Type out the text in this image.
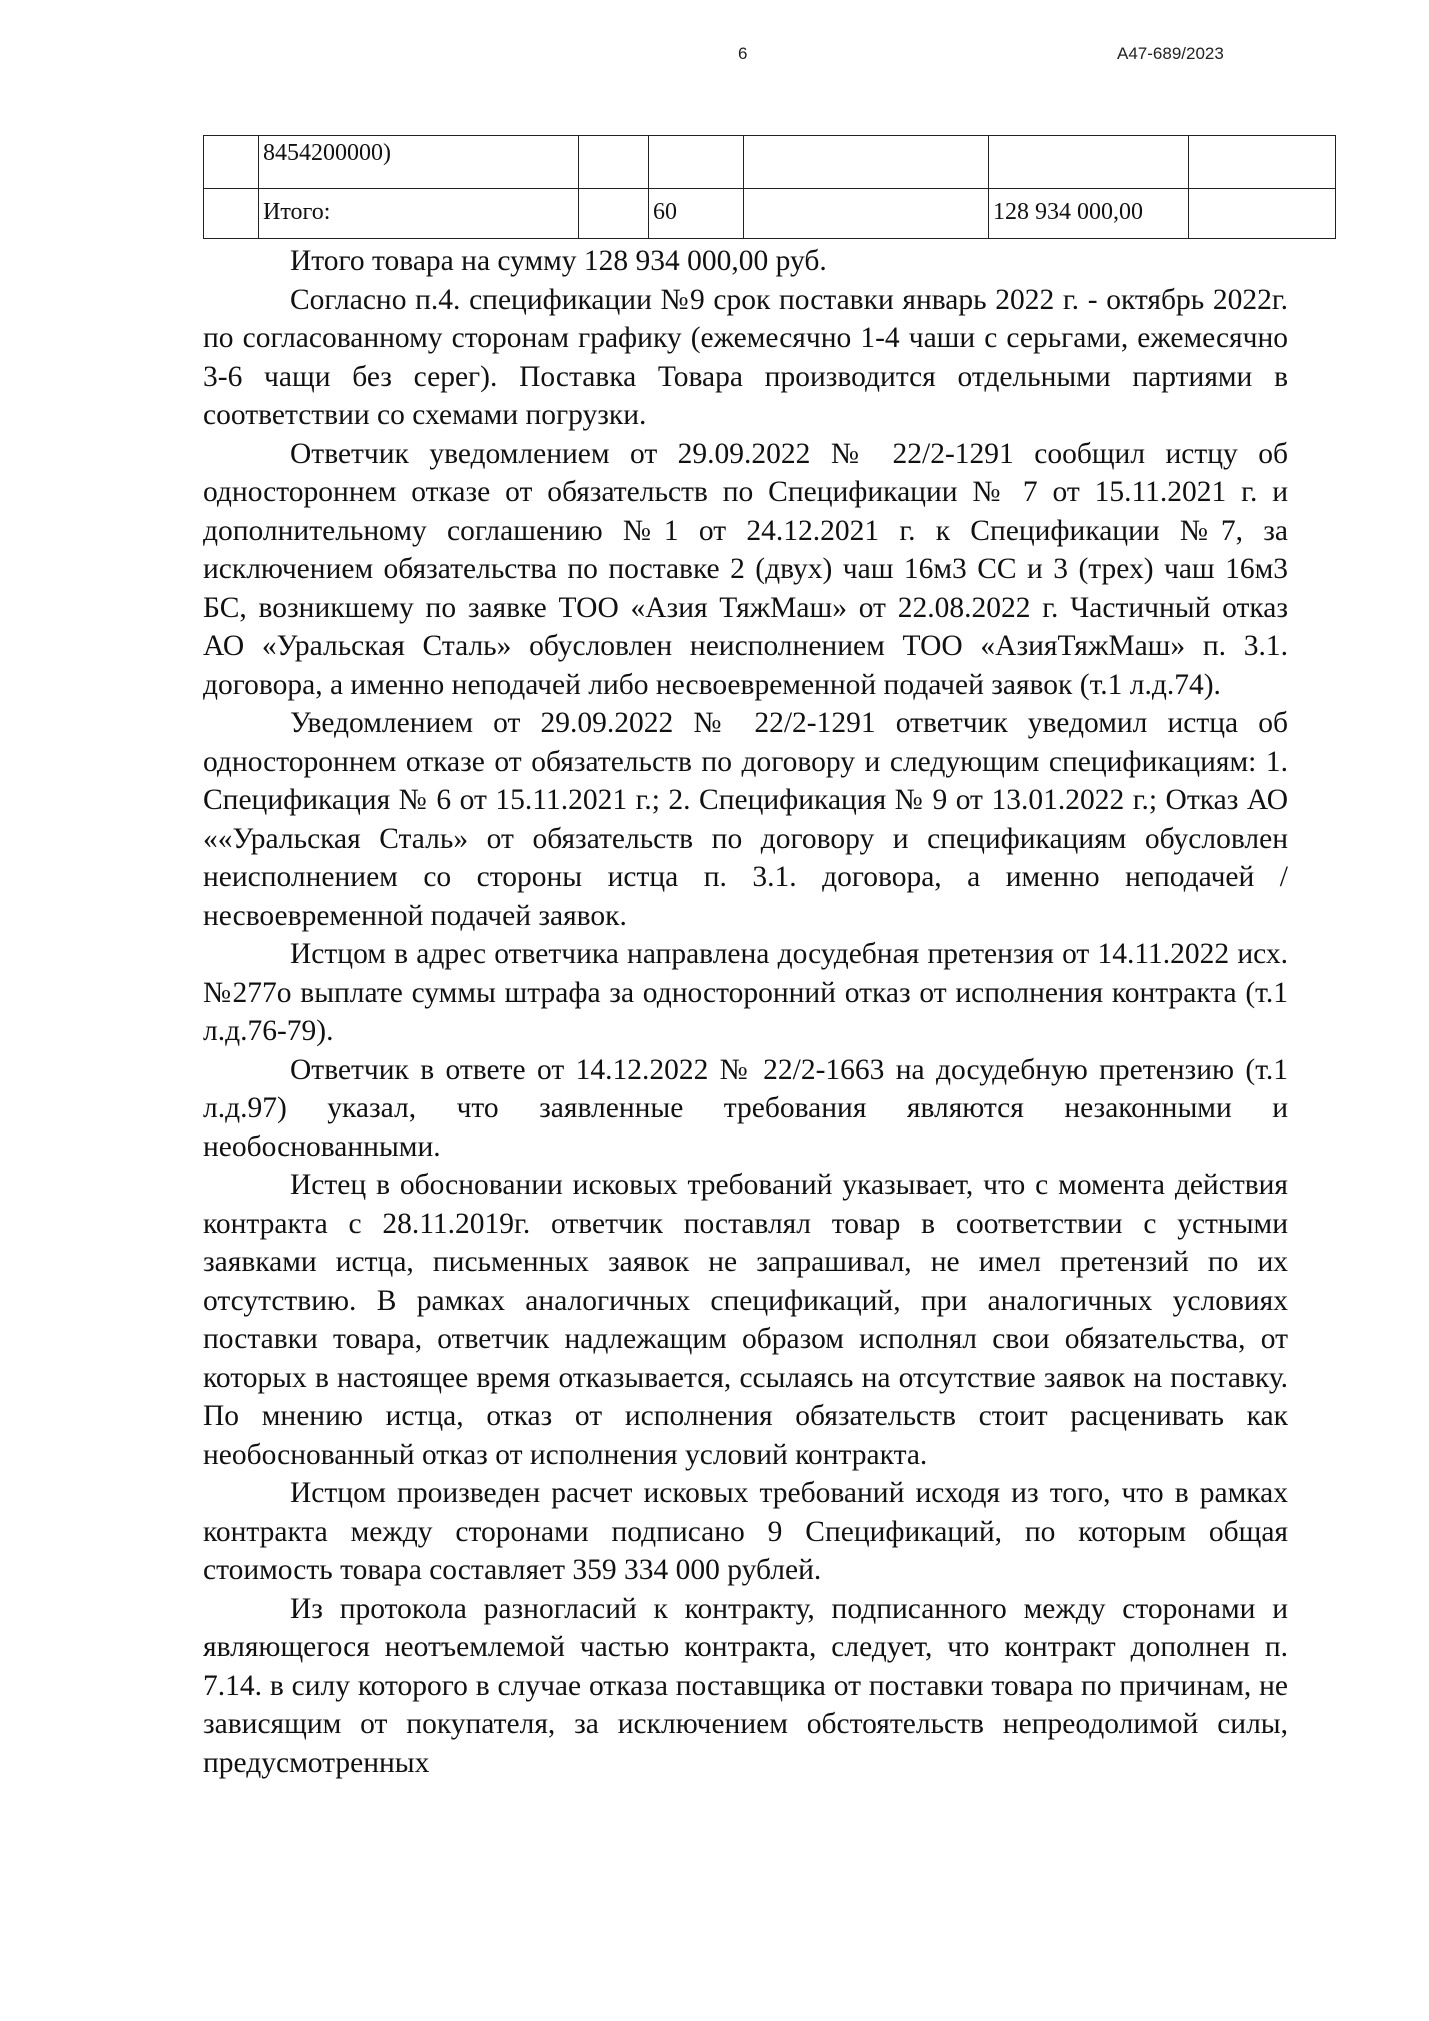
6	А47-689/2023
	8454200000)					
	Итого:		60		128 934 000,00	

Итого товара на сумму 128 934 000,00 руб.

Согласно п.4. спецификации №9 срок поставки январь 2022 г. - октябрь 2022г. по согласованному сторонам графику (ежемесячно 1-4 чаши с серьгами, ежемесячно 3-6 чащи без серег). Поставка Товара производится отдельными партиями в соответствии со схемами погрузки.

Ответчик уведомлением от 29.09.2022 № 22/2-1291 сообщил истцу об одностороннем отказе от обязательств по Спецификации № 7 от 15.11.2021 г. и дополнительному соглашению №1 от 24.12.2021 г. к Спецификации №7, за исключением обязательства по поставке 2 (двух) чаш 16м3 СС и 3 (трех) чаш 16м3 БС, возникшему по заявке ТОО «Азия ТяжМаш» от 22.08.2022 г. Частичный отказ АО «Уральская Сталь» обусловлен неисполнением ТОО «АзияТяжМаш» п. 3.1. договора, а именно неподачей либо несвоевременной подачей заявок (т.1 л.д.74).

Уведомлением от 29.09.2022 № 22/2-1291 ответчик уведомил истца об одностороннем отказе от обязательств по договору и следующим спецификациям: 1. Спецификация № 6 от 15.11.2021 г.; 2. Спецификация № 9 от 13.01.2022 г.; Отказ АО ««Уральская Сталь» от обязательств по договору и спецификациям обусловлен неисполнением со стороны истца п. 3.1. договора, а именно неподачей /несвоевременной подачей заявок.

Истцом в адрес ответчика направлена досудебная претензия от 14.11.2022 исх. №277о выплате суммы штрафа за односторонний отказ от исполнения контракта (т.1 л.д.76-79).

Ответчик в ответе от 14.12.2022 № 22/2-1663 на досудебную претензию (т.1 л.д.97) указал, что заявленные требования являются незаконными и необоснованными.

Истец в обосновании исковых требований указывает, что с момента действия контракта с 28.11.2019г. ответчик поставлял товар в соответствии с устными заявками истца, письменных заявок не запрашивал, не имел претензий по их отсутствию. В рамках аналогичных спецификаций, при аналогичных условиях поставки товара, ответчик надлежащим образом исполнял свои обязательства, от которых в настоящее время отказывается, ссылаясь на отсутствие заявок на поставку. По мнению истца, отказ от исполнения обязательств стоит расценивать как необоснованный отказ от исполнения условий контракта.

Истцом произведен расчет исковых требований исходя из того, что в рамках контракта между сторонами подписано 9 Спецификаций, по которым общая стоимость товара составляет 359 334 000 рублей.

Из протокола разногласий к контракту, подписанного между сторонами и являющегося неотъемлемой частью контракта, следует, что контракт дополнен п. 7.14. в силу которого в случае отказа поставщика от поставки товара по причинам, не зависящим от покупателя, за исключением обстоятельств непреодолимой силы, предусмотренных
